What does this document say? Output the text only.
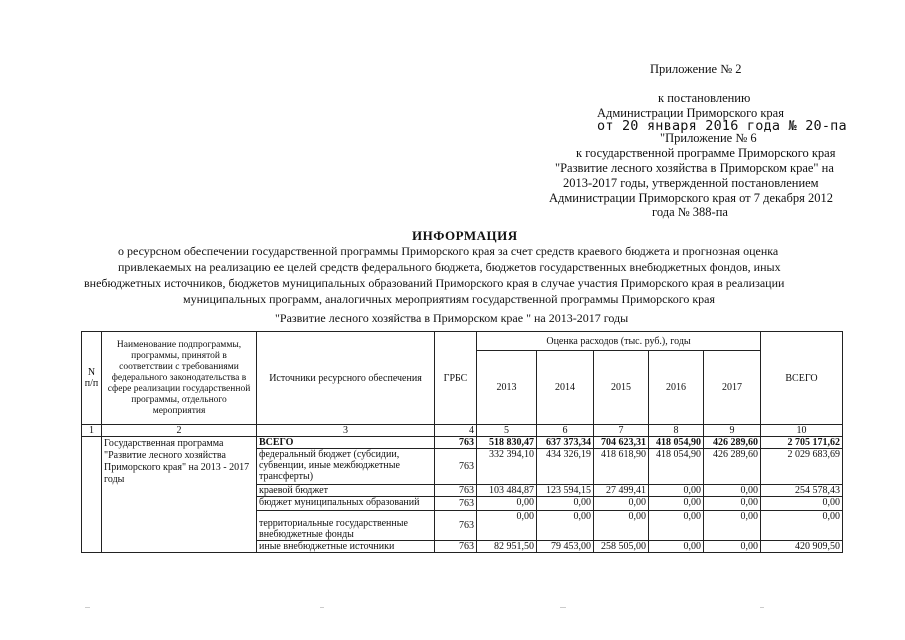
Приложение № 2
к постановлению
Администрации Приморского края
от 20 января 2016 года № 20-па
"Приложение № 6
к государственной программе Приморского края
"Развитие лесного хозяйства в Приморском крае" на
2013-2017 годы, утвержденной постановлением
Администрации Приморского края от 7 декабря 2012
года № 388-па
ИНФОРМАЦИЯ
о ресурсном обеспечении государственной программы Приморского края за счет средств краевого бюджета и прогнозная оценка
привлекаемых на реализацию ее целей средств федерального бюджета, бюджетов государственных внебюджетных фондов, иных
внебюджетных источников, бюджетов муниципальных образований Приморского края в случае участия Приморского края в реализации
муниципальных программ, аналогичных мероприятиям государственной программы Приморского края
"Развитие лесного хозяйства в Приморском крае " на 2013-2017 годы
N п/п	Наименование подпрограммы, программы, принятой в соответствии с требованиями федерального законодательства в сфере реализации государственной программы, отдельного мероприятия	Источники ресурсного обеспечения	ГРБС	Оценка расходов (тыс. руб.), годы					ВСЕГО
				2013	2014	2015	2016	2017	
1	2	3	4	5	6	7	8	9	10
	Государственная программа "Развитие лесного хозяйства Приморского края" на 2013 - 2017 годы	ВСЕГО	763	518 830,47	637 373,34	704 623,31	418 054,90	426 289,60	2 705 171,62
		федеральный бюджет (субсидии, субвенции, иные межбюджетные трансферты)	763	332 394,10	434 326,19	418 618,90	418 054,90	426 289,60	2 029 683,69
		краевой бюджет	763	103 484,87	123 594,15	27 499,41	0,00	0,00	254 578,43
		бюджет муниципальных образований	763	0,00	0,00	0,00	0,00	0,00	0,00
		территориальные государственные внебюджетные фонды	763	0,00	0,00	0,00	0,00	0,00	0,00
		иные внебюджетные источники	763	82 951,50	79 453,00	258 505,00	0,00	0,00	420 909,50
